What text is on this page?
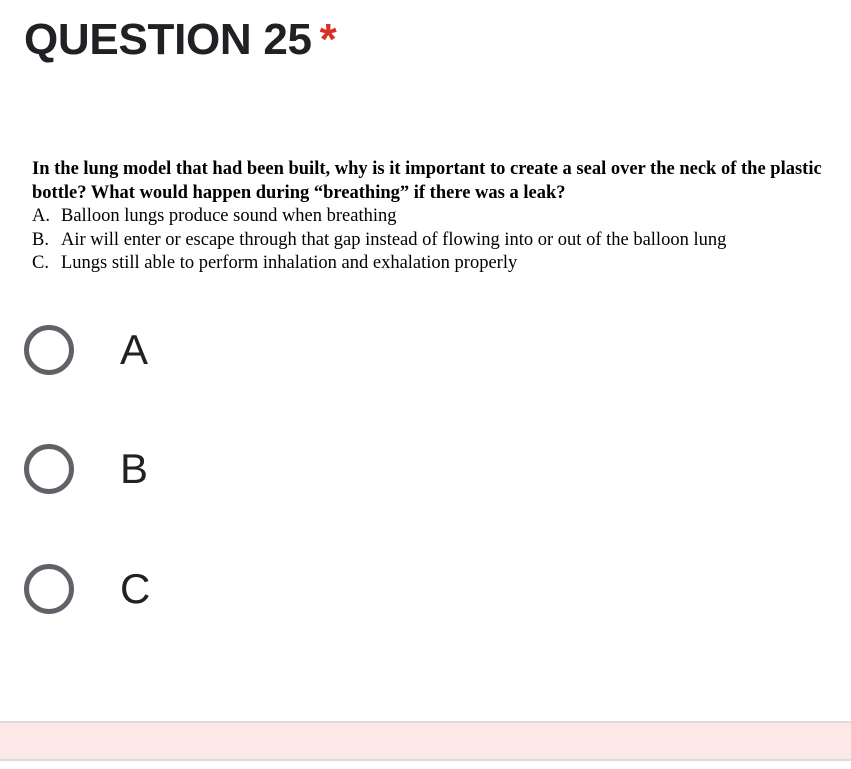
QUESTION 25 *

In the lung model that had been built, why is it important to create a seal over the neck of the plastic bottle? What would happen during “breathing” if there was a leak?

A. Balloon lungs produce sound when breathing
B. Air will enter or escape through that gap instead of flowing into or out of the balloon lung
C. Lungs still able to perform inhalation and exhalation properly
A
B
C
